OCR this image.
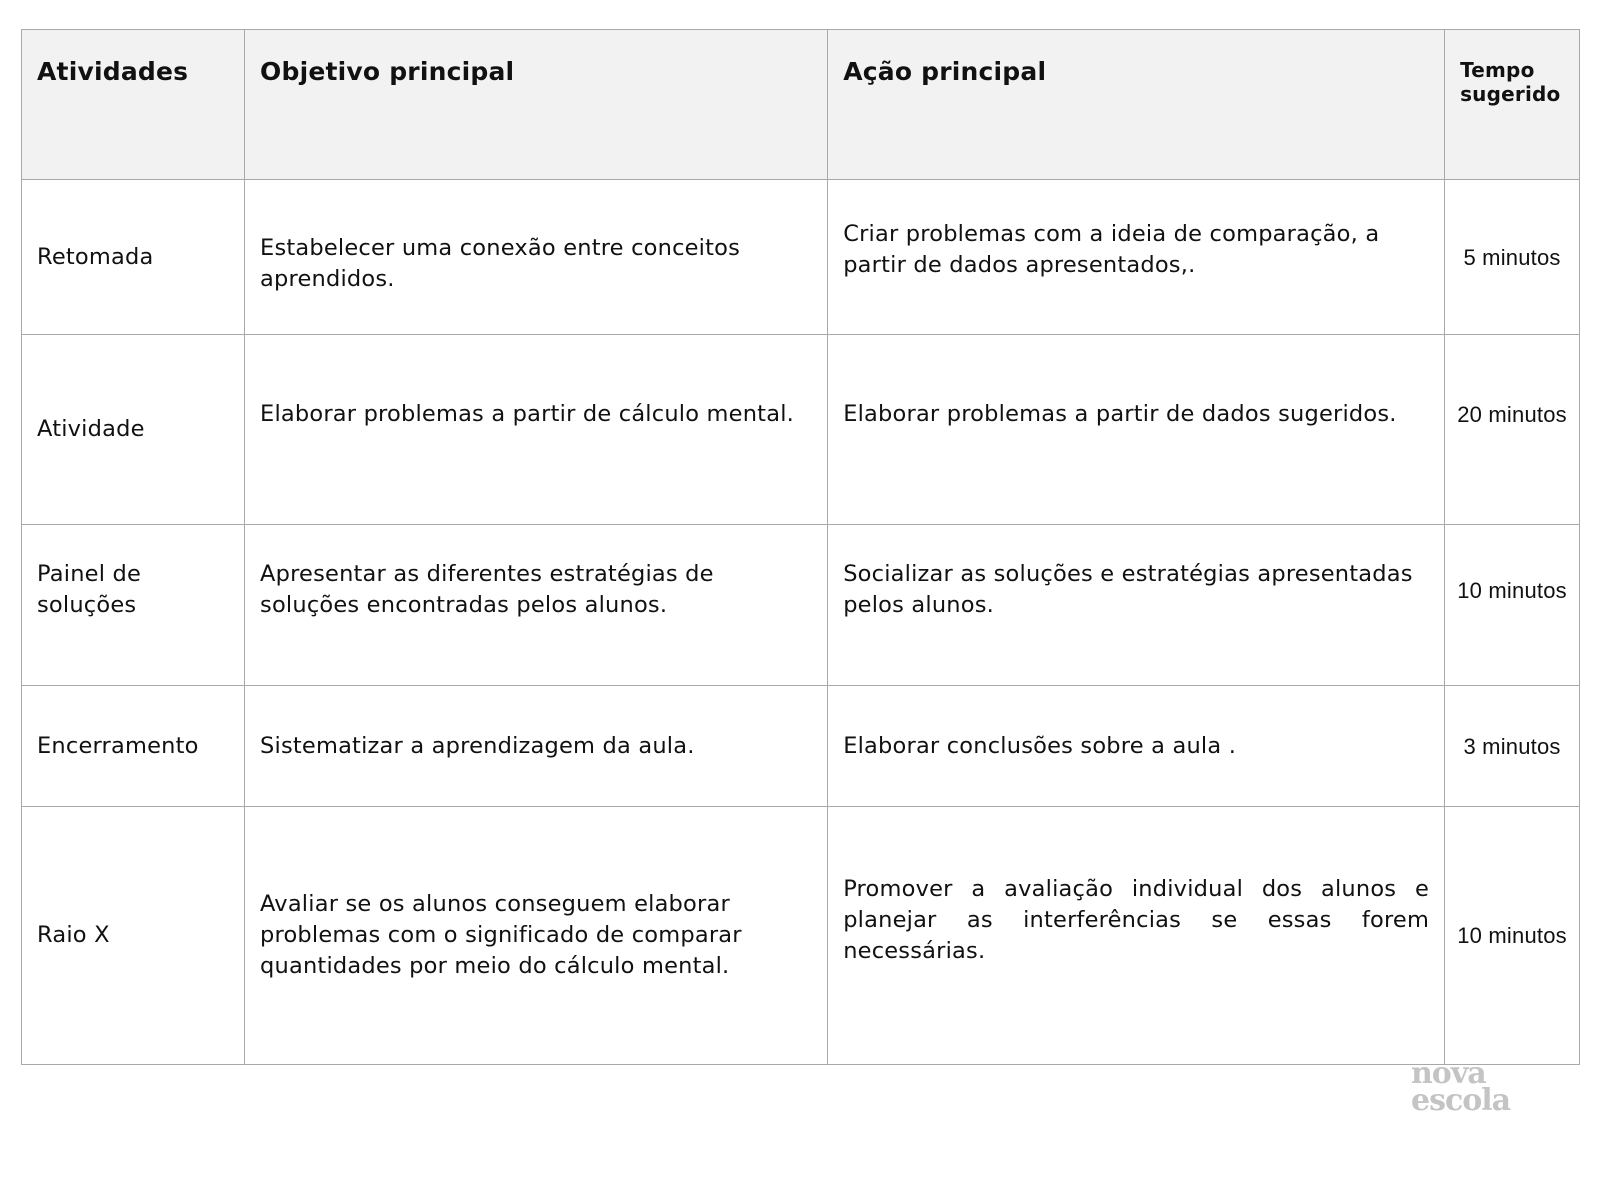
Atividades	Objetivo principal	Ação principal	Tempo sugerido
Retomada	Estabelecer uma conexão entre conceitos aprendidos.	Criar problemas com a ideia de comparação, a partir de dados apresentados,.	5 minutos
Atividade	Elaborar problemas a partir de cálculo mental.	Elaborar problemas a partir de dados sugeridos.	20 minutos
Painel de soluções	Apresentar as diferentes estratégias de soluções encontradas pelos alunos.	Socializar as soluções e estratégias apresentadas pelos alunos.	10 minutos
Encerramento	Sistematizar a aprendizagem da aula.	Elaborar conclusões sobre a aula .	3 minutos
Raio X	Avaliar se os alunos conseguem elaborar problemas com o significado de comparar quantidades por meio do cálculo mental.	Promover a avaliação individual dos alunos e planejar as interferências se essas forem necessárias.	10 minutos
nova
escola
